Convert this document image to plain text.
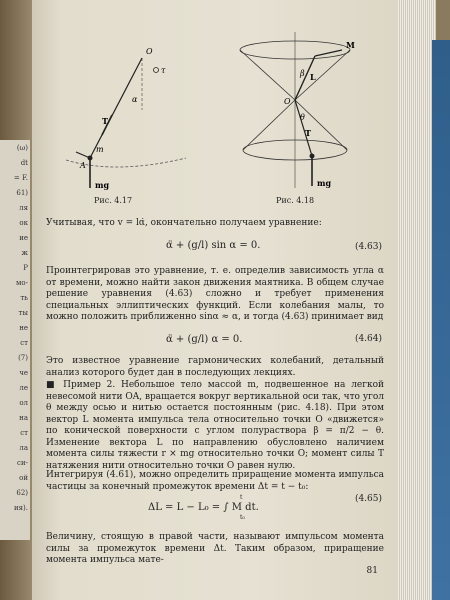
(ω)
dt
= F.
61)
ля
ок
ие
ж
Р
мо-
ть
ты
не
ст
(7)
че
ле
ол
на
ст
ла
си-
ой
62)
ия).
O
τ
α
T
m
A
mg
Рис. 4.17
M
β L
O
θ
T
mg
Рис. 4.18
Учитывая, что v = lα̇, окончательно получаем уравнение:
α̈ + (g/l) sin α = 0.	(4.63)
Проинтегрировав это уравнение, т. е. определив зависимость угла α от времени, можно найти закон движения маятника. В общем случае решение уравнения (4.63) сложно и требует применения специальных эллиптических функций. Если колебания малы, то можно положить приближенно sinα ≈ α, и тогда (4.63) принимает вид
α̈ + (g/l) α = 0.	(4.64)
Это известное уравнение гармонических колебаний, детальный анализ которого будет дан в последующих лекциях.
■ Пример 2. Небольшое тело массой m, подвешенное на легкой невесомой нити OA, вращается вокруг вертикальной оси так, что угол θ между осью и нитью остается постоянным (рис. 4.18). При этом вектор L момента импульса тела относительно точки O «движется» по конической поверхности с углом полураствора β = π/2 − θ. Изменение вектора L по направлению обусловлено наличием момента силы тяжести r × mg относительно точки O; момент силы T натяжения нити относительно точки O равен нулю.
Интегрируя (4.61), можно определить приращение момента импульса частицы за конечный промежуток времени Δt = t − t₀:
ΔL = L − L₀ = ∫ M dt.
t
t₀
(4.65)
Величину, стоящую в правой части, называют импульсом момента силы за промежуток времени Δt. Таким образом, приращение момента импульса мате-
81
